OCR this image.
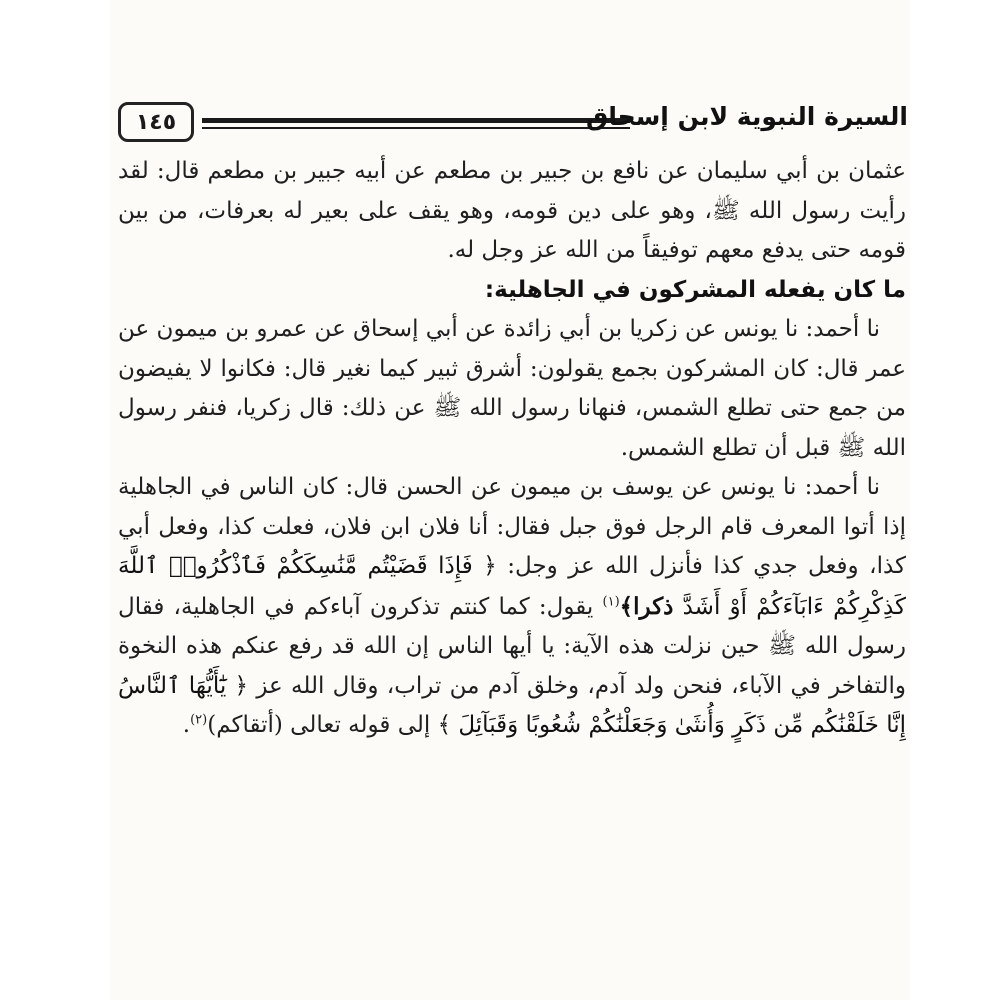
١٤٥	السيرة النبوية لابن إسحاق

عثمان بن أبي سليمان عن نافع بن جبير بن مطعم عن أبيه جبير بن مطعم قال: لقد رأيت رسول الله ﷺ، وهو على دين قومه، وهو يقف على بعير له بعرفات، من بين قومه حتى يدفع معهم توفيقاً من الله عز وجل له.

ما كان يفعله المشركون في الجاهلية:

نا أحمد: نا يونس عن زكريا بن أبي زائدة عن أبي إسحاق عن عمرو بن ميمون عن عمر قال: كان المشركون بجمع يقولون: أشرق ثبير كيما نغير قال: فكانوا لا يفيضون من جمع حتى تطلع الشمس، فنهانا رسول الله ﷺ عن ذلك: قال زكريا، فنفر رسول الله ﷺ قبل أن تطلع الشمس.

نا أحمد: نا يونس عن يوسف بن ميمون عن الحسن قال: كان الناس في الجاهلية إذا أتوا المعرف قام الرجل فوق جبل فقال: أنا فلان ابن فلان، فعلت كذا، وفعل أبي كذا، وفعل جدي كذا فأنزل الله عز وجل: ﴿ فَإِذَا قَضَيْتُم مَّنَٰسِكَكُمْ فَٱذْكُرُوا۟ ٱللَّهَ كَذِكْرِكُمْ ءَابَآءَكُمْ أَوْ أَشَدَّ ذكرا﴾$^{(١)}$ يقول: كما كنتم تذكرون آباءكم في الجاهلية، فقال رسول الله ﷺ حين نزلت هذه الآية: يا أيها الناس إن الله قد رفع عنكم هذه النخوة والتفاخر في الآباء، فنحن ولد آدم، وخلق آدم من تراب، وقال الله عز ﴿ يَٰٓأَيُّهَا ٱلنَّاسُ إِنَّا خَلَقْنَٰكُم مِّن ذَكَرٍ وَأُنثَىٰ وَجَعَلْنَٰكُمْ شُعُوبًا وَقَبَآئِلَ ﴾ إلى قوله تعالى (أتقاكم)$^{(٢)}$.
